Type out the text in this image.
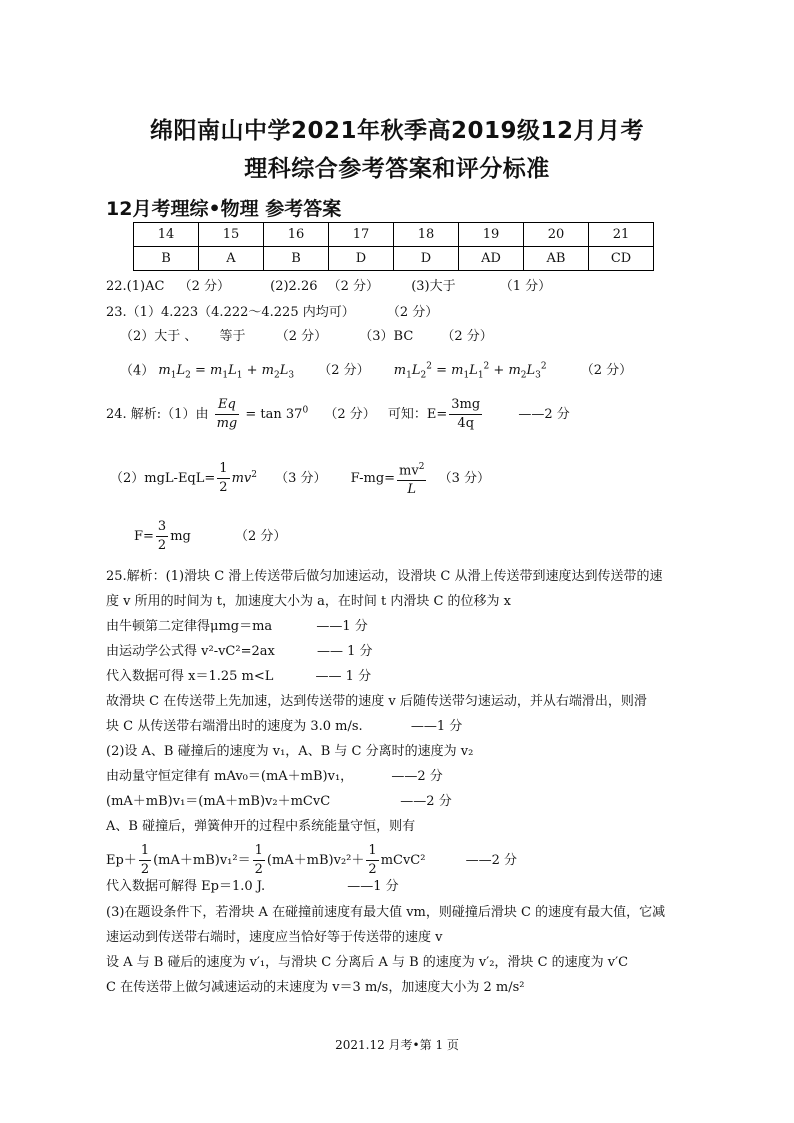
绵阳南山中学2021年秋季高2019级12月月考
理科综合参考答案和评分标准
12月考理综•物理 参考答案
14	15	16	17	18	19	20	21
B	A	B	D	D	AD	AB	CD
22.(1)AC （2 分）	(2)2.26 （2 分） (3)大于	（1 分）
23.（1）4.223（4.222～4.225 内均可） （2 分）
（2）大于 、 等于 （2 分） （3）BC （2 分）
（4） $m_1L_2 = m_1L_1 + m_2L_3$ （2 分） $m_1L_2^2 = m_1L_1^2 + m_2L_3^2$	（2 分）
24. 解析:（1）由 $\frac{Eq}{mg} = \tan 37^0$ （2 分） 可知：$E= \frac{3mg}{4q}$	——2 分
$(2)mgL-EqL= \frac{1}{2} mv^2$ （3 分） $F-mg= \frac{mv^2}{L} (3$ 分）
$F= \frac{3}{2}$ mg	（2 分）
25.解析：(1)滑块 C 滑上传送带后做匀加速运动，设滑块 C 从滑上传送带到速度达到传送带的速
度 v 所用的时间为 t，加速度大小为 a，在时间 t 内滑块 C 的位移为 x
由牛顿第二定律得μmg＝ma	——1 分
由运动学公式得 v²-vC²=2ax	—— 1 分
代入数据可得 x＝1.25 m<L	—— 1 分
故滑块 C 在传送带上先加速，达到传送带的速度 v 后随传送带匀速运动，并从右端滑出，则滑
块 C 从传送带右端滑出时的速度为 3.0 m/s.	——1 分
(2)设 A、B 碰撞后的速度为 v₁，A、B 与 C 分离时的速度为 v₂
由动量守恒定律有 mAv₀＝(mA＋mB)v₁，	——2 分
(mA＋mB)v₁＝(mA＋mB)v₂＋mCvC	——2 分
A、B 碰撞后，弹簧伸开的过程中系统能量守恒，则有
$Ep+ \frac{1}{2} (mA+mB)v_1^2= \frac{1}{2} (mA+mB)v_2^2+ \frac{1}{2}$ mCvC²	——2 分
代入数据可解得 Ep＝1.0 J.	——1 分
(3)在题设条件下，若滑块 A 在碰撞前速度有最大值 vm，则碰撞后滑块 C 的速度有最大值，它减
速运动到传送带右端时，速度应当恰好等于传送带的速度 v
设 A 与 B 碰后的速度为 v′₁，与滑块 C 分离后 A 与 B 的速度为 v′₂，滑块 C 的速度为 v′C
C 在传送带上做匀减速运动的末速度为 v＝3 m/s，加速度大小为 2 m/s²
2021.12 月考•第 1 页
